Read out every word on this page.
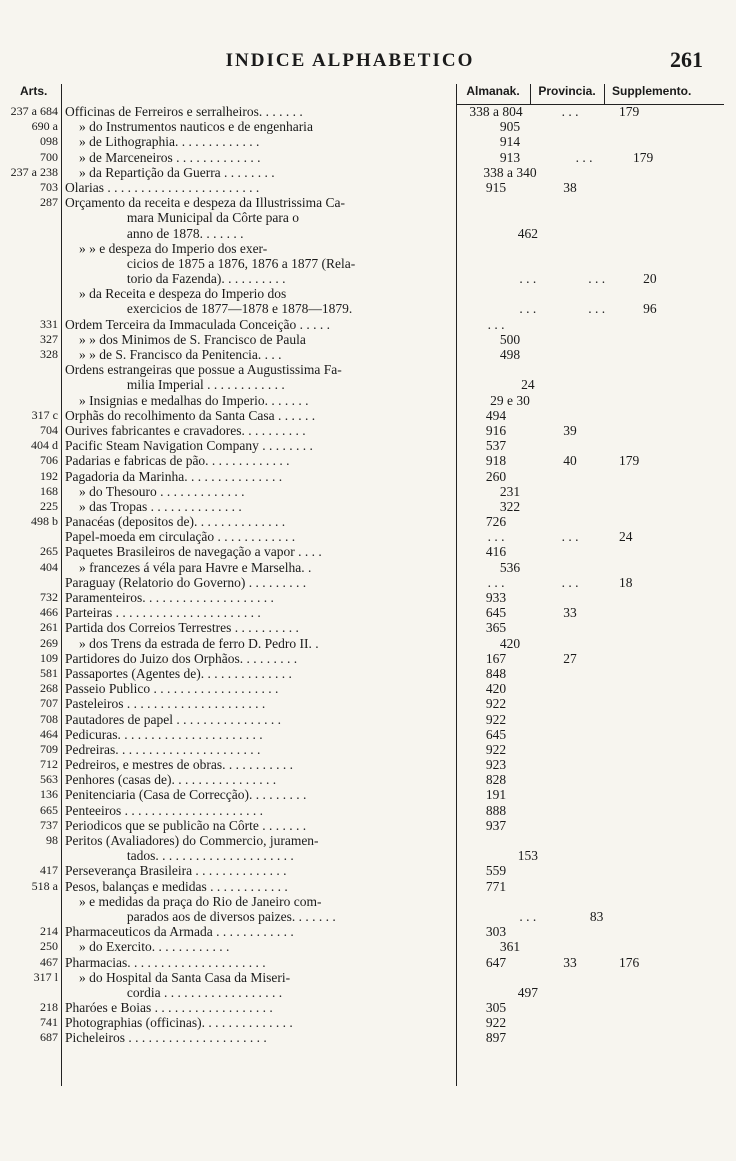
INDICE ALPHABETICO	261
Arts.	Almanak.	Provincia.	Supplemento.
237 a 684 Officinas de Ferreiros e serralheiros. . . . . . .	338 a 804	. . .	179
690 a	» do Instrumentos nauticos e de engenharia	905
098	» de Lithographia. . . . . . . . . . . . .	914
700	» de Marceneiros . . . . . . . . . . . . .	913	. . .	179
237 a 238	» da Repartição da Guerra . . . . . . . .	338 a 340
703 Olarias . . . . . . . . . . . . . . . . . . . . . . .	915	38
287 Orçamento da receita e despeza da Illustrissima Ca-
mara Municipal da Côrte para o
anno de 1878. . . . . . .	462
» » e despeza do Imperio dos exer-
cicios de 1875 a 1876, 1876 a 1877 (Rela-
torio da Fazenda). . . . . . . . . .	. . .	. . .	20
» da Receita e despeza do Imperio dos
exercicios de 1877—1878 e 1878—1879.	. . .	. . .	96
331 Ordem Terceira da Immaculada Conceição . . . . .	. . .
327	» » dos Minimos de S. Francisco de Paula	500
328	» » de S. Francisco da Penitencia. . . .	498
Ordens estrangeiras que possue a Augustissima Fa-
milia Imperial . . . . . . . . . . . .	24
» Insignias e medalhas do Imperio. . . . . . .	29 e 30
317 c Orphãs do recolhimento da Santa Casa . . . . . .	494
704 Ourives fabricantes e cravadores. . . . . . . . . .	916	39
404 d Pacific Steam Navigation Company . . . . . . . .	537
706 Padarias e fabricas de pão. . . . . . . . . . . . .	918	40	179
192 Pagadoria da Marinha. . . . . . . . . . . . . . .	260
168	» do Thesouro . . . . . . . . . . . . .	231
225	» das Tropas . . . . . . . . . . . . . .	322
498 b Panacéas (depositos de). . . . . . . . . . . . . .	726
Papel-moeda em circulação . . . . . . . . . . . .	. . .	. . .	24
265 Paquetes Brasileiros de navegação a vapor . . . .	416
404	» francezes á véla para Havre e Marselha. .	536
Paraguay (Relatorio do Governo) . . . . . . . . .	. . .	. . .	18
732 Paramenteiros. . . . . . . . . . . . . . . . . . . .	933
466 Parteiras . . . . . . . . . . . . . . . . . . . . . .	645	33
261 Partida dos Correios Terrestres . . . . . . . . . .	365
269	» dos Trens da estrada de ferro D. Pedro II. .	420
109 Partidores do Juizo dos Orphãos. . . . . . . . .	167	27
581 Passaportes (Agentes de). . . . . . . . . . . . . .	848
268 Passeio Publico . . . . . . . . . . . . . . . . . . .	420
707 Pasteleiros . . . . . . . . . . . . . . . . . . . . .	922
708 Pautadores de papel . . . . . . . . . . . . . . . .	922
464 Pedicuras. . . . . . . . . . . . . . . . . . . . . .	645
709 Pedreiras. . . . . . . . . . . . . . . . . . . . . .	922
712 Pedreiros, e mestres de obras. . . . . . . . . . .	923
563 Penhores (casas de). . . . . . . . . . . . . . . .	828
136 Penitenciaria (Casa de Correcção). . . . . . . . .	191
665 Penteeiros . . . . . . . . . . . . . . . . . . . . .	888
737 Periodicos que se publicão na Côrte . . . . . . .	937
98 Peritos (Avaliadores) do Commercio, juramen-
tados. . . . . . . . . . . . . . . . . . . . .	153
417 Perseverança Brasileira . . . . . . . . . . . . . .	559
518 a Pesos, balanças e medidas . . . . . . . . . . . .	771
» e medidas da praça do Rio de Janeiro com-
parados aos de diversos paizes. . . . . . .	. . .	83
214 Pharmaceuticos da Armada . . . . . . . . . . . .	303
250	» do Exercito. . . . . . . . . . . .	361
467 Pharmacias. . . . . . . . . . . . . . . . . . . . .	647	33	176
317 l	» do Hospital da Santa Casa da Miseri-
cordia . . . . . . . . . . . . . . . . . .	497
218 Pharóes e Boias . . . . . . . . . . . . . . . . . .	305
741 Photographias (officinas). . . . . . . . . . . . . .	922
687 Picheleiros . . . . . . . . . . . . . . . . . . . . .	897
